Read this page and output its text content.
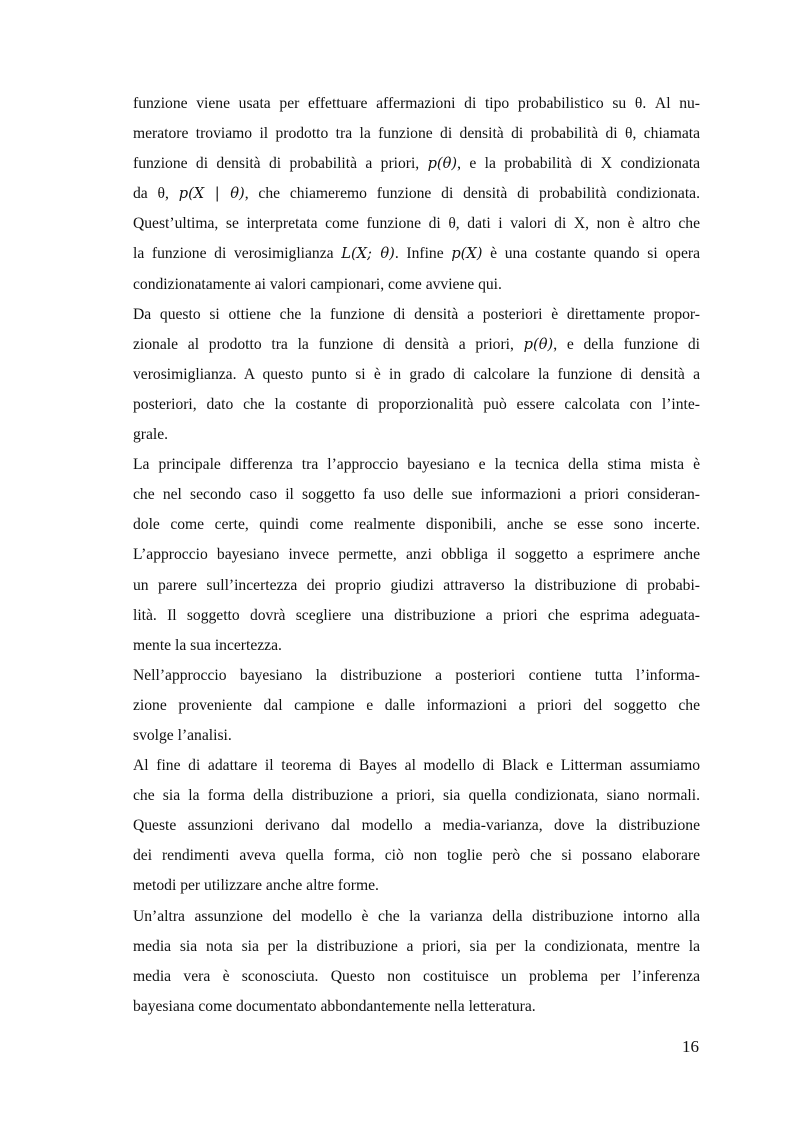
funzione viene usata per effettuare affermazioni di tipo probabilistico su θ. Al nu-
meratore troviamo il prodotto tra la funzione di densità di probabilità di θ, chiamata
funzione di densità di probabilità a priori, p(θ), e la probabilità di X condizionata
da θ, p(X | θ), che chiameremo funzione di densità di probabilità condizionata.
Quest’ultima, se interpretata come funzione di θ, dati i valori di X, non è altro che
la funzione di verosimiglianza L(X; θ). Infine p(X) è una costante quando si opera
condizionatamente ai valori campionari, come avviene qui.
Da questo si ottiene che la funzione di densità a posteriori è direttamente propor-
zionale al prodotto tra la funzione di densità a priori, p(θ), e della funzione di
verosimiglianza. A questo punto si è in grado di calcolare la funzione di densità a
posteriori, dato che la costante di proporzionalità può essere calcolata con l’inte-
grale.
La principale differenza tra l’approccio bayesiano e la tecnica della stima mista è
che nel secondo caso il soggetto fa uso delle sue informazioni a priori consideran-
dole come certe, quindi come realmente disponibili, anche se esse sono incerte.
L’approccio bayesiano invece permette, anzi obbliga il soggetto a esprimere anche
un parere sull’incertezza dei proprio giudizi attraverso la distribuzione di probabi-
lità. Il soggetto dovrà scegliere una distribuzione a priori che esprima adeguata-
mente la sua incertezza.
Nell’approccio bayesiano la distribuzione a posteriori contiene tutta l’informa-
zione proveniente dal campione e dalle informazioni a priori del soggetto che
svolge l’analisi.
Al fine di adattare il teorema di Bayes al modello di Black e Litterman assumiamo
che sia la forma della distribuzione a priori, sia quella condizionata, siano normali.
Queste assunzioni derivano dal modello a media-varianza, dove la distribuzione
dei rendimenti aveva quella forma, ciò non toglie però che si possano elaborare
metodi per utilizzare anche altre forme.
Un’altra assunzione del modello è che la varianza della distribuzione intorno alla
media sia nota sia per la distribuzione a priori, sia per la condizionata, mentre la
media vera è sconosciuta. Questo non costituisce un problema per l’inferenza
bayesiana come documentato abbondantemente nella letteratura.
16
